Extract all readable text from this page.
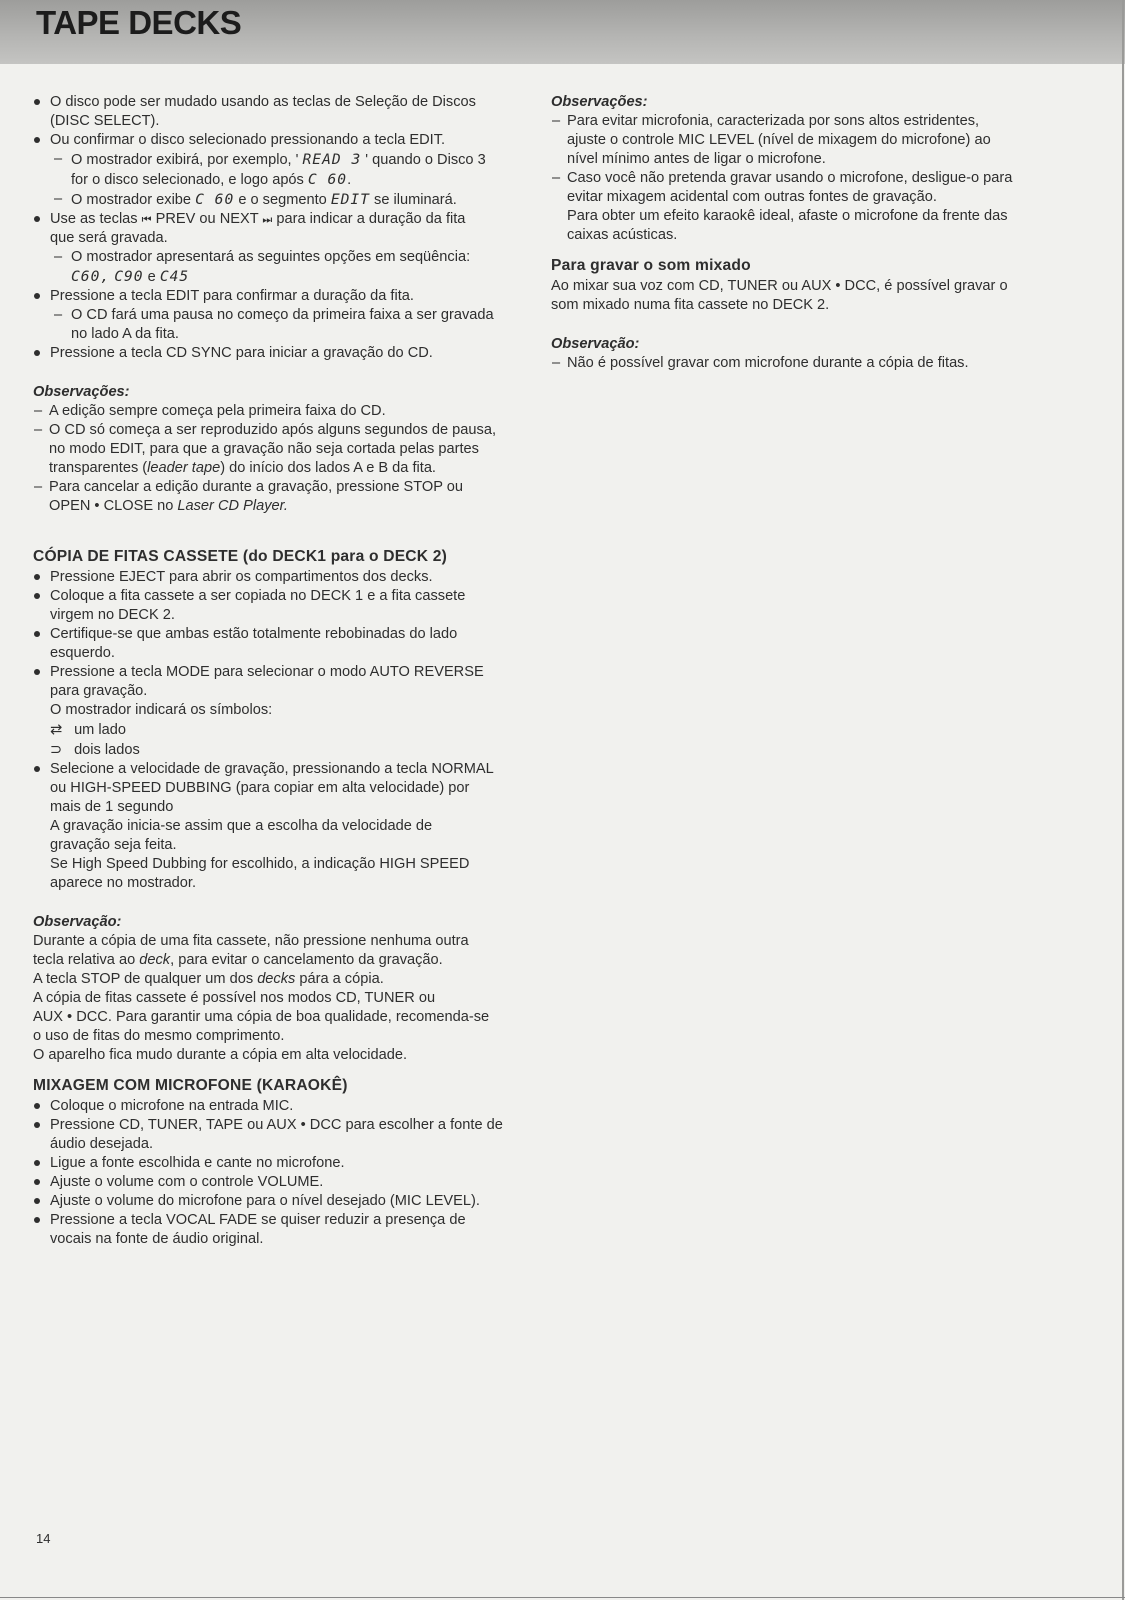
TAPE DECKS

O disco pode ser mudado usando as teclas de Seleção de Discos

(DISC SELECT).

Ou confirmar o disco selecionado pressionando a tecla EDIT.

– O mostrador exibirá, por exemplo, ' READ 3 ' quando o Disco 3

for o disco selecionado, e logo após C 60.

– O mostrador exibe C 60 e o segmento EDIT se iluminará.

Use as teclas ⏮ PREV ou NEXT ⏭ para indicar a duração da fita

que será gravada.

– O mostrador apresentará as seguintes opções em seqüência:

C60, C90 e C45

Pressione a tecla EDIT para confirmar a duração da fita.

– O CD fará uma pausa no começo da primeira faixa a ser gravada

no lado A da fita.

Pressione a tecla CD SYNC para iniciar a gravação do CD.

Observações:

– A edição sempre começa pela primeira faixa do CD.

– O CD só começa a ser reproduzido após alguns segundos de pausa,

no modo EDIT, para que a gravação não seja cortada pelas partes

transparentes (leader tape) do início dos lados A e B da fita.

– Para cancelar a edição durante a gravação, pressione STOP ou

OPEN • CLOSE no Laser CD Player.

CÓPIA DE FITAS CASSETE (do DECK1 para o DECK 2)

Pressione EJECT para abrir os compartimentos dos decks.

Coloque a fita cassete a ser copiada no DECK 1 e a fita cassete

virgem no DECK 2.

Certifique-se que ambas estão totalmente rebobinadas do lado

esquerdo.

Pressione a tecla MODE para selecionar o modo AUTO REVERSE

para gravação.

O mostrador indicará os símbolos:

⇄ um lado

⊃ dois lados

Selecione a velocidade de gravação, pressionando a tecla NORMAL

ou HIGH-SPEED DUBBING (para copiar em alta velocidade) por

mais de 1 segundo

A gravação inicia-se assim que a escolha da velocidade de

gravação seja feita.

Se High Speed Dubbing for escolhido, a indicação HIGH SPEED

aparece no mostrador.

Observação:

Durante a cópia de uma fita cassete, não pressione nenhuma outra

tecla relativa ao deck, para evitar o cancelamento da gravação.

A tecla STOP de qualquer um dos decks pára a cópia.

A cópia de fitas cassete é possível nos modos CD, TUNER ou

AUX • DCC. Para garantir uma cópia de boa qualidade, recomenda-se

o uso de fitas do mesmo comprimento.

O aparelho fica mudo durante a cópia em alta velocidade.

MIXAGEM COM MICROFONE (KARAOKÊ)

Coloque o microfone na entrada MIC.

Pressione CD, TUNER, TAPE ou AUX • DCC para escolher a fonte de

áudio desejada.

Ligue a fonte escolhida e cante no microfone.

Ajuste o volume com o controle VOLUME.

Ajuste o volume do microfone para o nível desejado (MIC LEVEL).

Pressione a tecla VOCAL FADE se quiser reduzir a presença de

vocais na fonte de áudio original.

Observações:

– Para evitar microfonia, caracterizada por sons altos estridentes,

ajuste o controle MIC LEVEL (nível de mixagem do microfone) ao

nível mínimo antes de ligar o microfone.

– Caso você não pretenda gravar usando o microfone, desligue-o para

evitar mixagem acidental com outras fontes de gravação.

Para obter um efeito karaokê ideal, afaste o microfone da frente das

caixas acústicas.

Para gravar o som mixado

Ao mixar sua voz com CD, TUNER ou AUX • DCC, é possível gravar o

som mixado numa fita cassete no DECK 2.

Observação:

– Não é possível gravar com microfone durante a cópia de fitas.

14
